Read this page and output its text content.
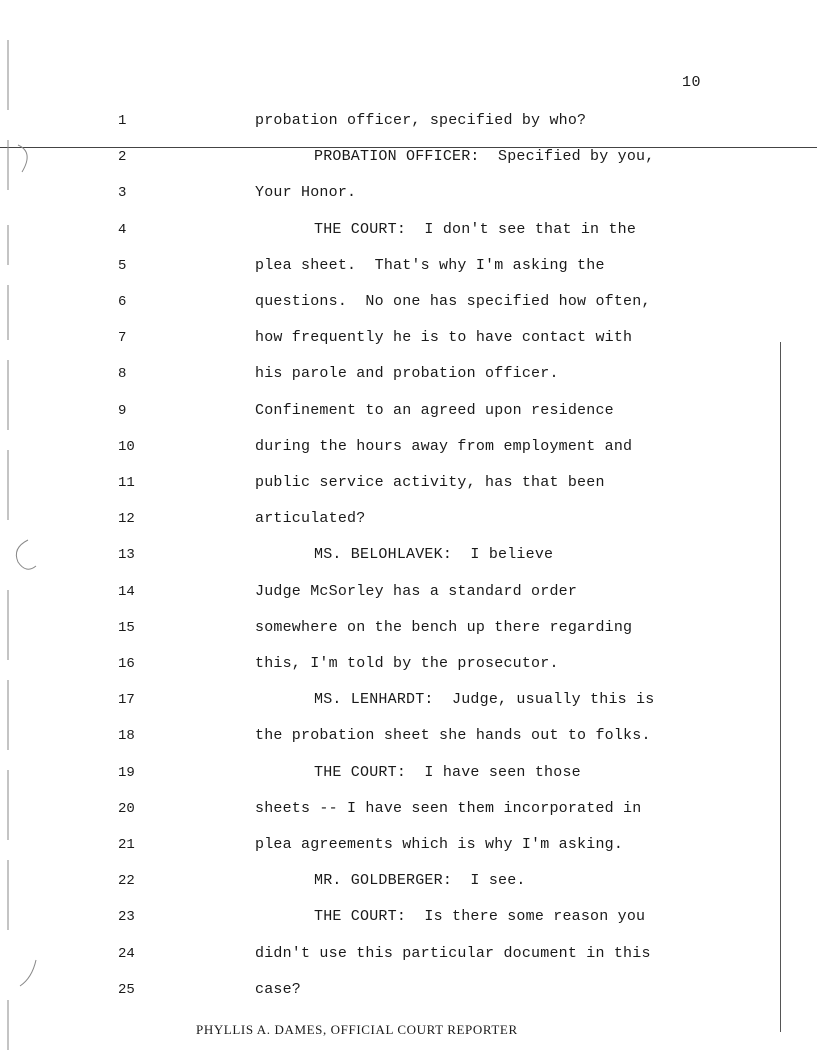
10
1	probation officer, specified by who?
2	PROBATION OFFICER:  Specified by you,
3	Your Honor.
4	THE COURT:  I don't see that in the
5	plea sheet.  That's why I'm asking the
6	questions.  No one has specified how often,
7	how frequently he is to have contact with
8	his parole and probation officer.
9	Confinement to an agreed upon residence
10	during the hours away from employment and
11	public service activity, has that been
12	articulated?
13	MS. BELOHLAVEK:  I believe
14	Judge McSorley has a standard order
15	somewhere on the bench up there regarding
16	this, I'm told by the prosecutor.
17	MS. LENHARDT:  Judge, usually this is
18	the probation sheet she hands out to folks.
19	THE COURT:  I have seen those
20	sheets -- I have seen them incorporated in
21	plea agreements which is why I'm asking.
22	MR. GOLDBERGER:  I see.
23	THE COURT:  Is there some reason you
24	didn't use this particular document in this
25	case?
PHYLLIS A. DAMES, OFFICIAL COURT REPORTER
